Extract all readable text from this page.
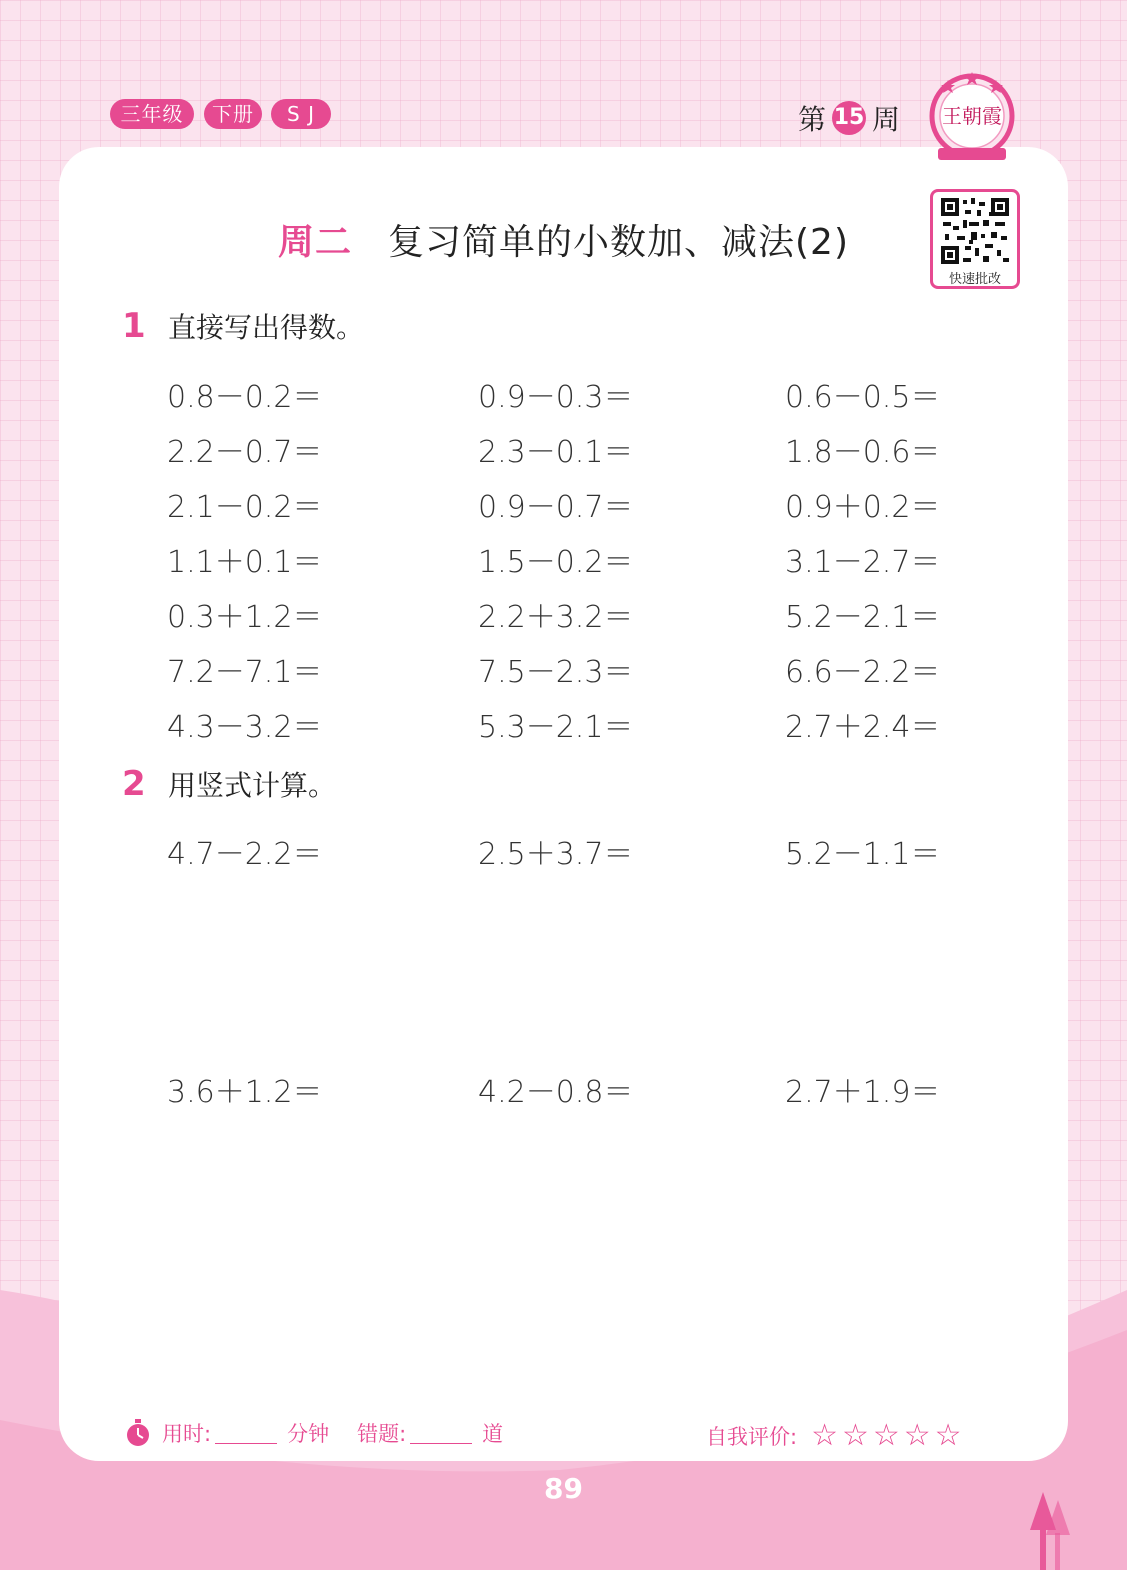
三年级	下册	S J	第 15 周 王朝霞
周二 复习简单的小数加、减法(2)
快速批改
1 直接写出得数。
0.8－0.2＝	0.9－0.3＝	0.6－0.5＝
2.2－0.7＝	2.3－0.1＝	1.8－0.6＝
2.1－0.2＝	0.9－0.7＝	0.9＋0.2＝
1.1＋0.1＝	1.5－0.2＝	3.1－2.7＝
0.3＋1.2＝	2.2＋3.2＝	5.2－2.1＝
7.2－7.1＝	7.5－2.3＝	6.6－2.2＝
4.3－3.2＝	5.3－2.1＝	2.7＋2.4＝
2 用竖式计算。
4.7－2.2＝	2.5＋3.7＝	5.2－1.1＝
3.6＋1.2＝	4.2－0.8＝	2.7＋1.9＝
用时:	分钟 错题:	道	自我评价: ☆☆☆☆☆
89
